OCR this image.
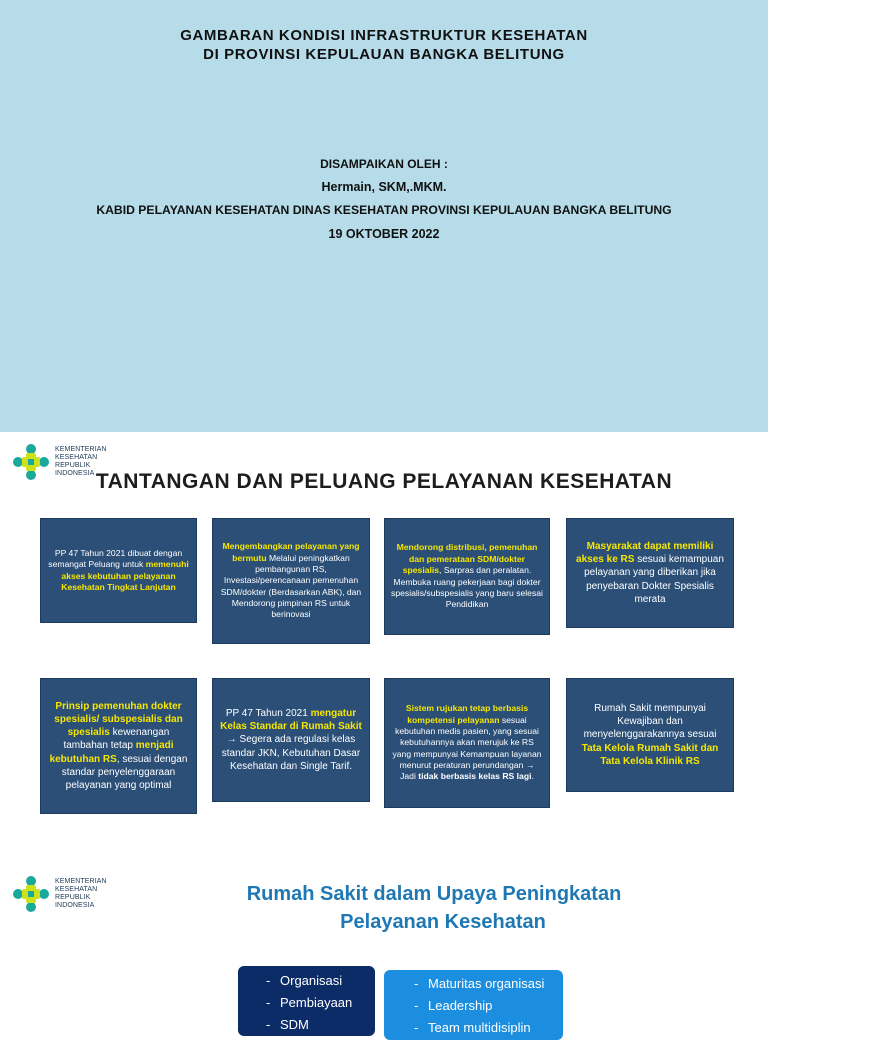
GAMBARAN KONDISI INFRASTRUKTUR KESEHATAN
DI PROVINSI KEPULAUAN BANGKA BELITUNG
DISAMPAIKAN OLEH :
Hermain, SKM,.MKM.
KABID PELAYANAN KESEHATAN DINAS KESEHATAN PROVINSI KEPULAUAN BANGKA BELITUNG
19 OKTOBER 2022
KEMENTERIAN
KESEHATAN
REPUBLIK
INDONESIA TANTANGAN DAN PELUANG PELAYANAN KESEHATAN
PP 47 Tahun 2021 dibuat dengan semangat Peluang untuk memenuhi akses kebutuhan pelayanan Kesehatan Tingkat Lanjutan
Mengembangkan pelayanan yang bermutu Melalui peningkatkan pembangunan RS, Investasi/perencanaan pemenuhan SDM/dokter (Berdasarkan ABK), dan Mendorong pimpinan RS untuk berinovasi
Mendorong distribusi, pemenuhan dan pemerataan SDM/dokter spesialis, Sarpras dan peralatan. Membuka ruang pekerjaan bagi dokter spesialis/subspesialis yang baru selesai Pendidikan
Masyarakat dapat memiliki akses ke RS sesuai kemampuan pelayanan yang diberikan jika penyebaran Dokter Spesialis merata
Prinsip pemenuhan dokter spesialis/ subspesialis dan spesialis kewenangan tambahan tetap menjadi kebutuhan RS, sesuai dengan standar penyelenggaraan pelayanan yang optimal
PP 47 Tahun 2021 mengatur Kelas Standar di Rumah Sakit → Segera ada regulasi kelas standar JKN, Kebutuhan Dasar Kesehatan dan Single Tarif.
Sistem rujukan tetap berbasis kompetensi pelayanan sesuai kebutuhan medis pasien, yang sesuai kebutuhannya akan merujuk ke RS yang mempunyai Kemampuan layanan menurut peraturan perundangan → Jadi tidak berbasis kelas RS lagi.
Rumah Sakit mempunyai Kewajiban dan menyelenggarakannya sesuai Tata Kelola Rumah Sakit dan Tata Kelola Klinik RS
KEMENTERIAN
KESEHATAN
REPUBLIK
INDONESIA
Rumah Sakit dalam Upaya Peningkatan
Pelayanan Kesehatan
- Organisasi
- Pembiayaan
- SDM
- Maturitas organisasi
- Leadership
- Team multidisiplin
